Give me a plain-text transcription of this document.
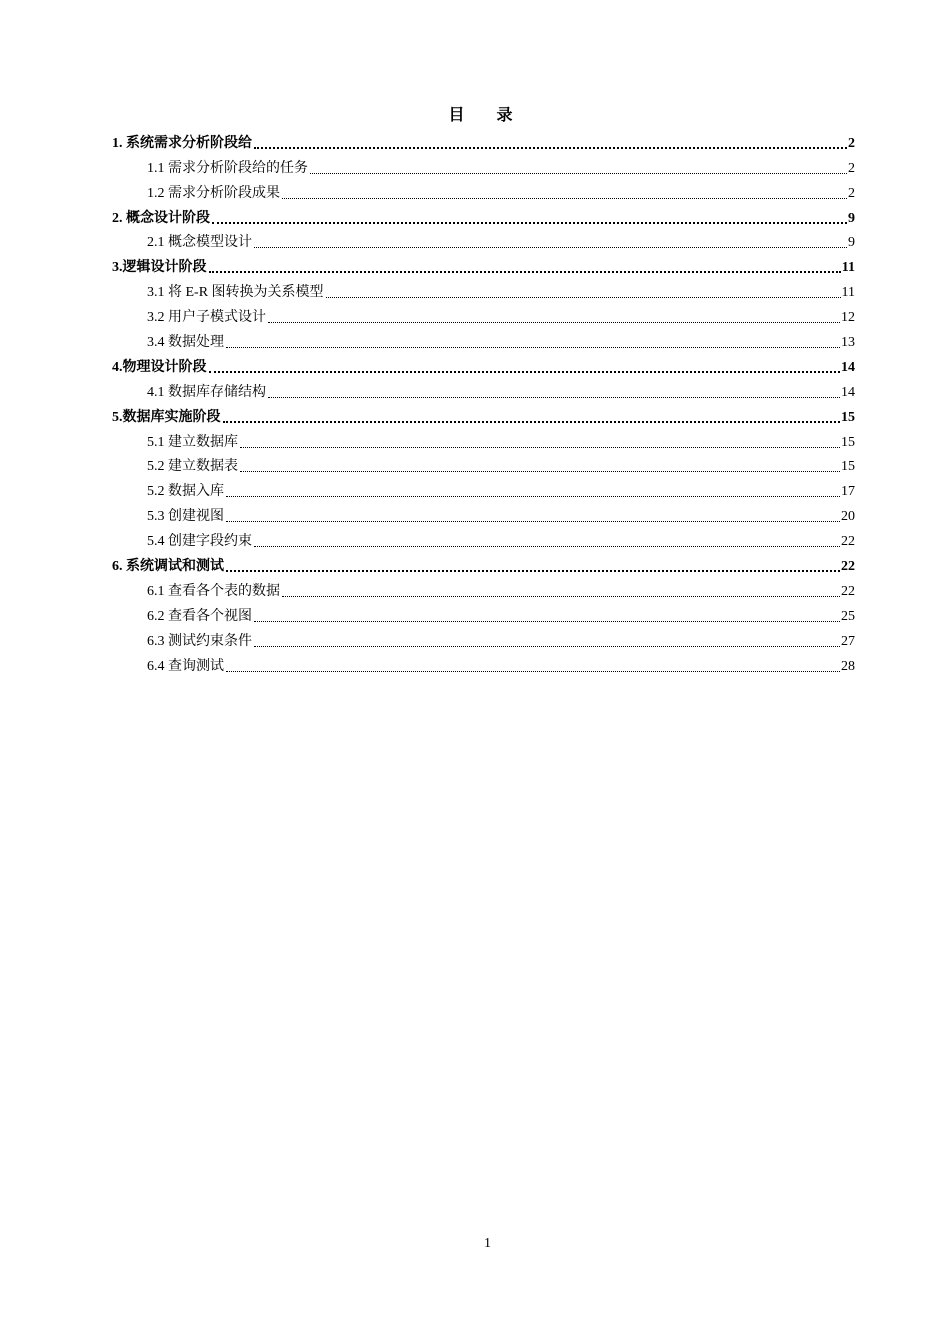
目 录
1. 系统需求分析阶段给	2
1.1 需求分析阶段给的任务	2
1.2 需求分析阶段成果	2
2. 概念设计阶段	9
2.1 概念模型设计	9
3.逻辑设计阶段	11
3.1 将 E-R 图转换为关系模型	11
3.2 用户子模式设计	12
3.4 数据处理	13
4.物理设计阶段	14
4.1 数据库存储结构	14
5.数据库实施阶段	15
5.1 建立数据库	15
5.2 建立数据表	15
5.2 数据入库	17
5.3 创建视图	20
5.4 创建字段约束	22
6. 系统调试和测试	22
6.1 查看各个表的数据	22
6.2 查看各个视图	25
6.3 测试约束条件	27
6.4 查询测试	28
1
